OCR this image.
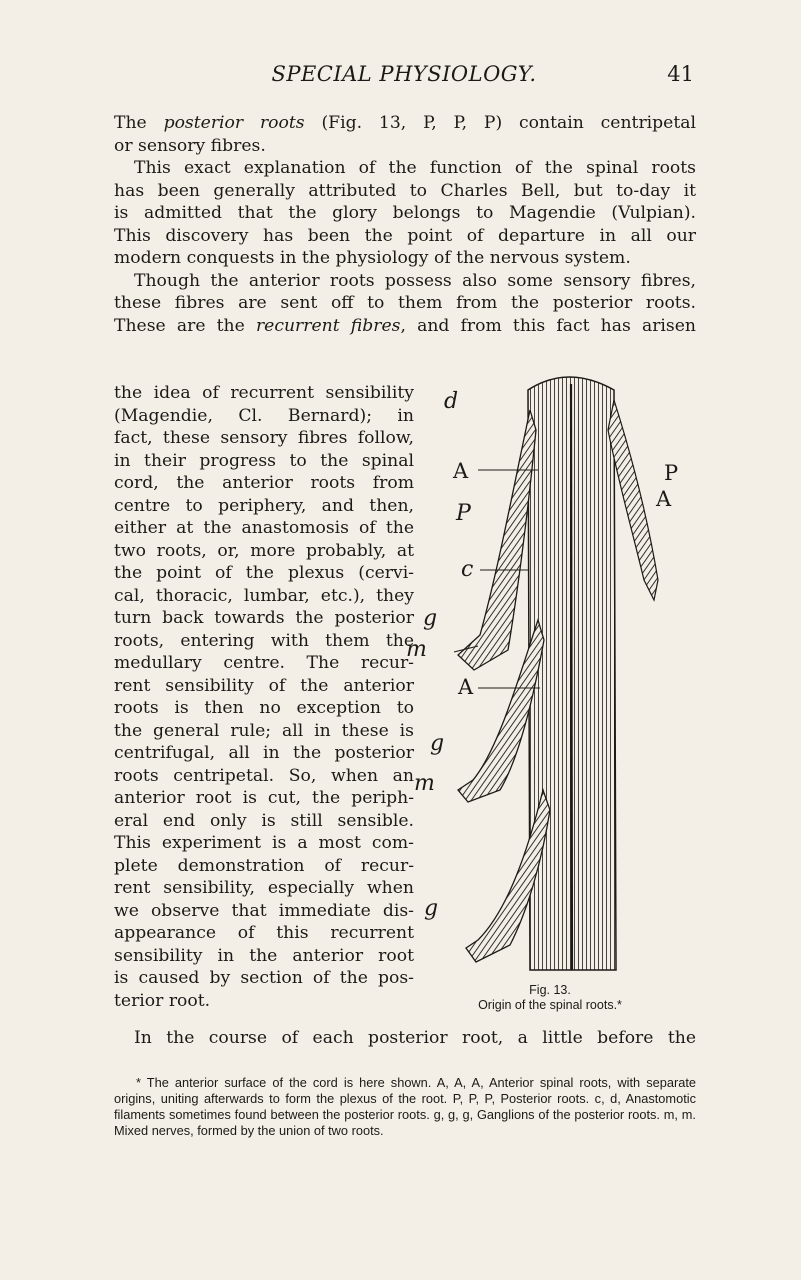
SPECIAL PHYSIOLOGY.	41
The posterior roots (Fig. 13, P, P, P) contain centripetal
or sensory fibres.
This exact explanation of the function of the spinal roots
has been generally attributed to Charles Bell, but to-day it
is admitted that the glory belongs to Magendie (Vulpian).
This discovery has been the point of departure in all our
modern conquests in the physiology of the nervous system.
Though the anterior roots possess also some sensory fibres,
these fibres are sent off to them from the posterior roots.
These are the recurrent fibres, and from this fact has arisen
the idea of recurrent sensibility
(Magendie, Cl. Bernard); in
fact, these sensory fibres follow,
in their progress to the spinal
cord, the anterior roots from
centre to periphery, and then,
either at the anastomosis of the
two roots, or, more probably, at
the point of the plexus (cervi-
cal, thoracic, lumbar, etc.), they
turn back towards the posterior
roots, entering with them the
medullary centre. The recur-
rent sensibility of the anterior
roots is then no exception to
the general rule; all in these is
centrifugal, all in the posterior
roots centripetal. So, when an
anterior root is cut, the periph-
eral end only is still sensible.
This experiment is a most com-
plete demonstration of recur-
rent sensibility, especially when
we observe that immediate dis-
appearance of this recurrent
sensibility in the anterior root
is caused by section of the pos-
terior root.
d
A
P
c
g
m
A
g
m
g
P
A
Fig. 13.
Origin of the spinal roots.*
In the course of each posterior root, a little before the

* The anterior surface of the cord is here shown. A, A, A, Anterior spinal roots, with separate origins, uniting afterwards to form the plexus of the root. P, P, P, Posterior roots. c, d, Anastomotic filaments sometimes found between the posterior roots. g, g, g, Ganglions of the posterior roots. m, m. Mixed nerves, formed by the union of two roots.
